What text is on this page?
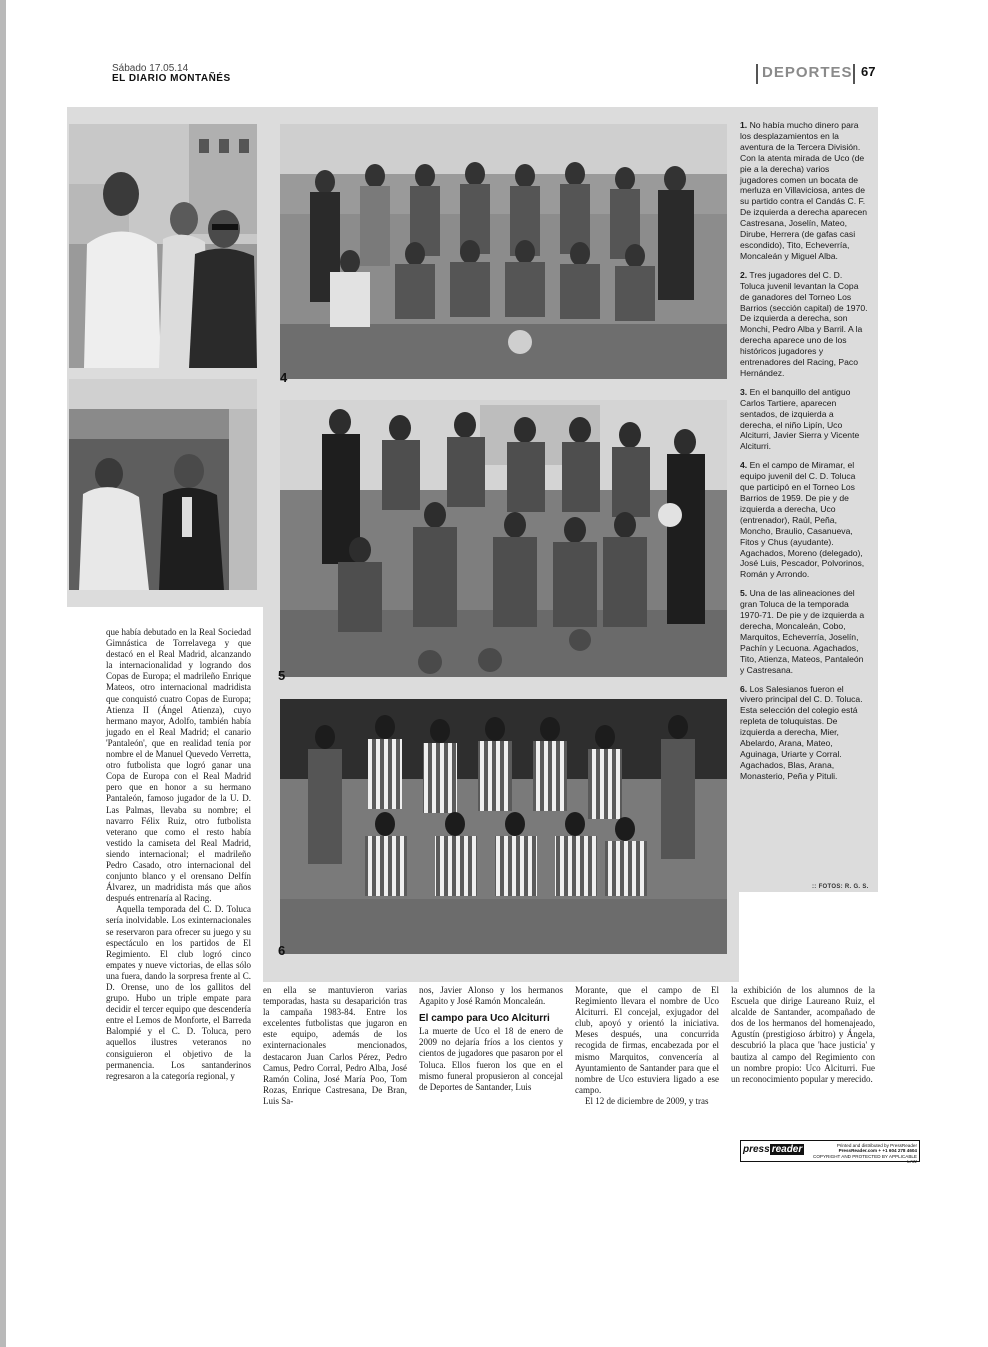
Sábado 17.05.14
EL DIARIO MONTAÑÉS	DEPORTES 67
4
5
6

1. No había mucho dinero para los desplazamientos en la aventura de la Tercera División. Con la atenta mirada de Uco (de pie a la derecha) varios jugadores comen un bocata de merluza en Villaviciosa, antes de su partido contra el Candás C. F. De izquierda a derecha aparecen Castresana, Joselín, Mateo, Dirube, Herrera (de gafas casi escondido), Tito, Echeverría, Moncaleán y Miguel Alba.

2. Tres jugadores del C. D. Toluca juvenil levantan la Copa de ganadores del Torneo Los Barrios (sección capital) de 1970. De izquierda a derecha, son Monchi, Pedro Alba y Barril. A la derecha aparece uno de los históricos jugadores y entrenadores del Racing, Paco Hernández.

3. En el banquillo del antiguo Carlos Tartiere, aparecen sentados, de izquierda a derecha, el niño Lipín, Uco Alciturri, Javier Sierra y Vicente Alciturri.

4. En el campo de Miramar, el equipo juvenil del C. D. Toluca que participó en el Torneo Los Barrios de 1959. De pie y de izquierda a derecha, Uco (entrenador), Raúl, Peña, Moncho, Braulio, Casanueva, Fitos y Chus (ayudante). Agachados, Moreno (delegado), José Luis, Pescador, Polvorinos, Román y Arrondo.

5. Una de las alineaciones del gran Toluca de la temporada 1970-71. De pie y de izquierda a derecha, Moncaleán, Cobo, Marquitos, Echeverría, Joselín, Pachín y Lecuona. Agachados, Tito, Atienza, Mateos, Pantaleón y Castresana.

6. Los Salesianos fueron el vivero principal del C. D. Toluca. Esta selección del colegio está repleta de toluquistas. De izquierda a derecha, Mier, Abelardo, Arana, Mateo, Aguinaga, Uriarte y Corral. Agachados, Blas, Arana, Monasterio, Peña y Pituli.

:: FOTOS: R. G. S.

que había debutado en la Real Sociedad Gimnástica de Torrelavega y que destacó en el Real Madrid, alcanzando la internacionalidad y logrando dos Copas de Europa; el madrileño Enrique Mateos, otro internacional madridista que conquistó cuatro Copas de Europa; Atienza II (Ángel Atienza), cuyo hermano mayor, Adolfo, también había jugado en el Real Madrid; el canario 'Pantaleón', que en realidad tenía por nombre el de Manuel Quevedo Verretta, otro futbolista que logró ganar una Copa de Europa con el Real Madrid pero que en honor a su hermano Pantaleón, famoso jugador de la U. D. Las Palmas, llevaba su nombre; el navarro Félix Ruiz, otro futbolista veterano que como el resto había vestido la camiseta del Real Madrid, siendo internacional; el madrileño Pedro Casado, otro internacional del conjunto blanco y el orensano Delfín Álvarez, un madridista más que años después entrenaría al Racing.

Aquella temporada del C. D. Toluca sería inolvidable. Los exinternacionales se reservaron para ofrecer su juego y su espectáculo en los partidos de El Regimiento. El club logró cinco empates y nueve victorias, de ellas sólo una fuera, dando la sorpresa frente al C. D. Orense, uno de los gallitos del grupo. Hubo un triple empate para decidir el tercer equipo que descendería entre el Lemos de Monforte, el Barreda Balompié y el C. D. Toluca, pero aquellos ilustres veteranos no consiguieron el objetivo de la permanencia. Los santanderinos regresaron a la categoría regional, y

en ella se mantuvieron varias temporadas, hasta su desaparición tras la campaña 1983-84. Entre los excelentes futbolistas que jugaron en este equipo, además de los exinternacionales mencionados, destacaron Juan Carlos Pérez, Pedro Camus, Pedro Corral, Pedro Alba, José Ramón Colina, José María Poo, Tom Rozas, Enrique Castresana, De Bran, Luis Sa-

nos, Javier Alonso y los hermanos Agapito y José Ramón Moncaleán.

El campo para Uco Alciturri

La muerte de Uco el 18 de enero de 2009 no dejaría fríos a los cientos y cientos de jugadores que pasaron por el Toluca. Ellos fueron los que en el mismo funeral propusieron al concejal de Deportes de Santander, Luis

Morante, que el campo de El Regimiento llevara el nombre de Uco Alciturri. El concejal, exjugador del club, apoyó y orientó la iniciativa. Meses después, una concurrida recogida de firmas, encabezada por el mismo Marquitos, convencería al Ayuntamiento de Santander para que el nombre de Uco estuviera ligado a ese campo.

El 12 de diciembre de 2009, y tras

la exhibición de los alumnos de la Escuela que dirige Laureano Ruiz, el alcalde de Santander, acompañado de dos de los hermanos del homenajeado, Agustín (prestigioso árbitro) y Ángela, descubrió la placa que 'hace justicia' y bautiza al campo del Regimiento con un nombre propio: Uco Alciturri. Fue un reconocimiento popular y merecido.

press reader	Printed and distributed by PressReader
PressReader.com + +1 604 278 4604
COPYRIGHT AND PROTECTED BY APPLICABLE LAW
